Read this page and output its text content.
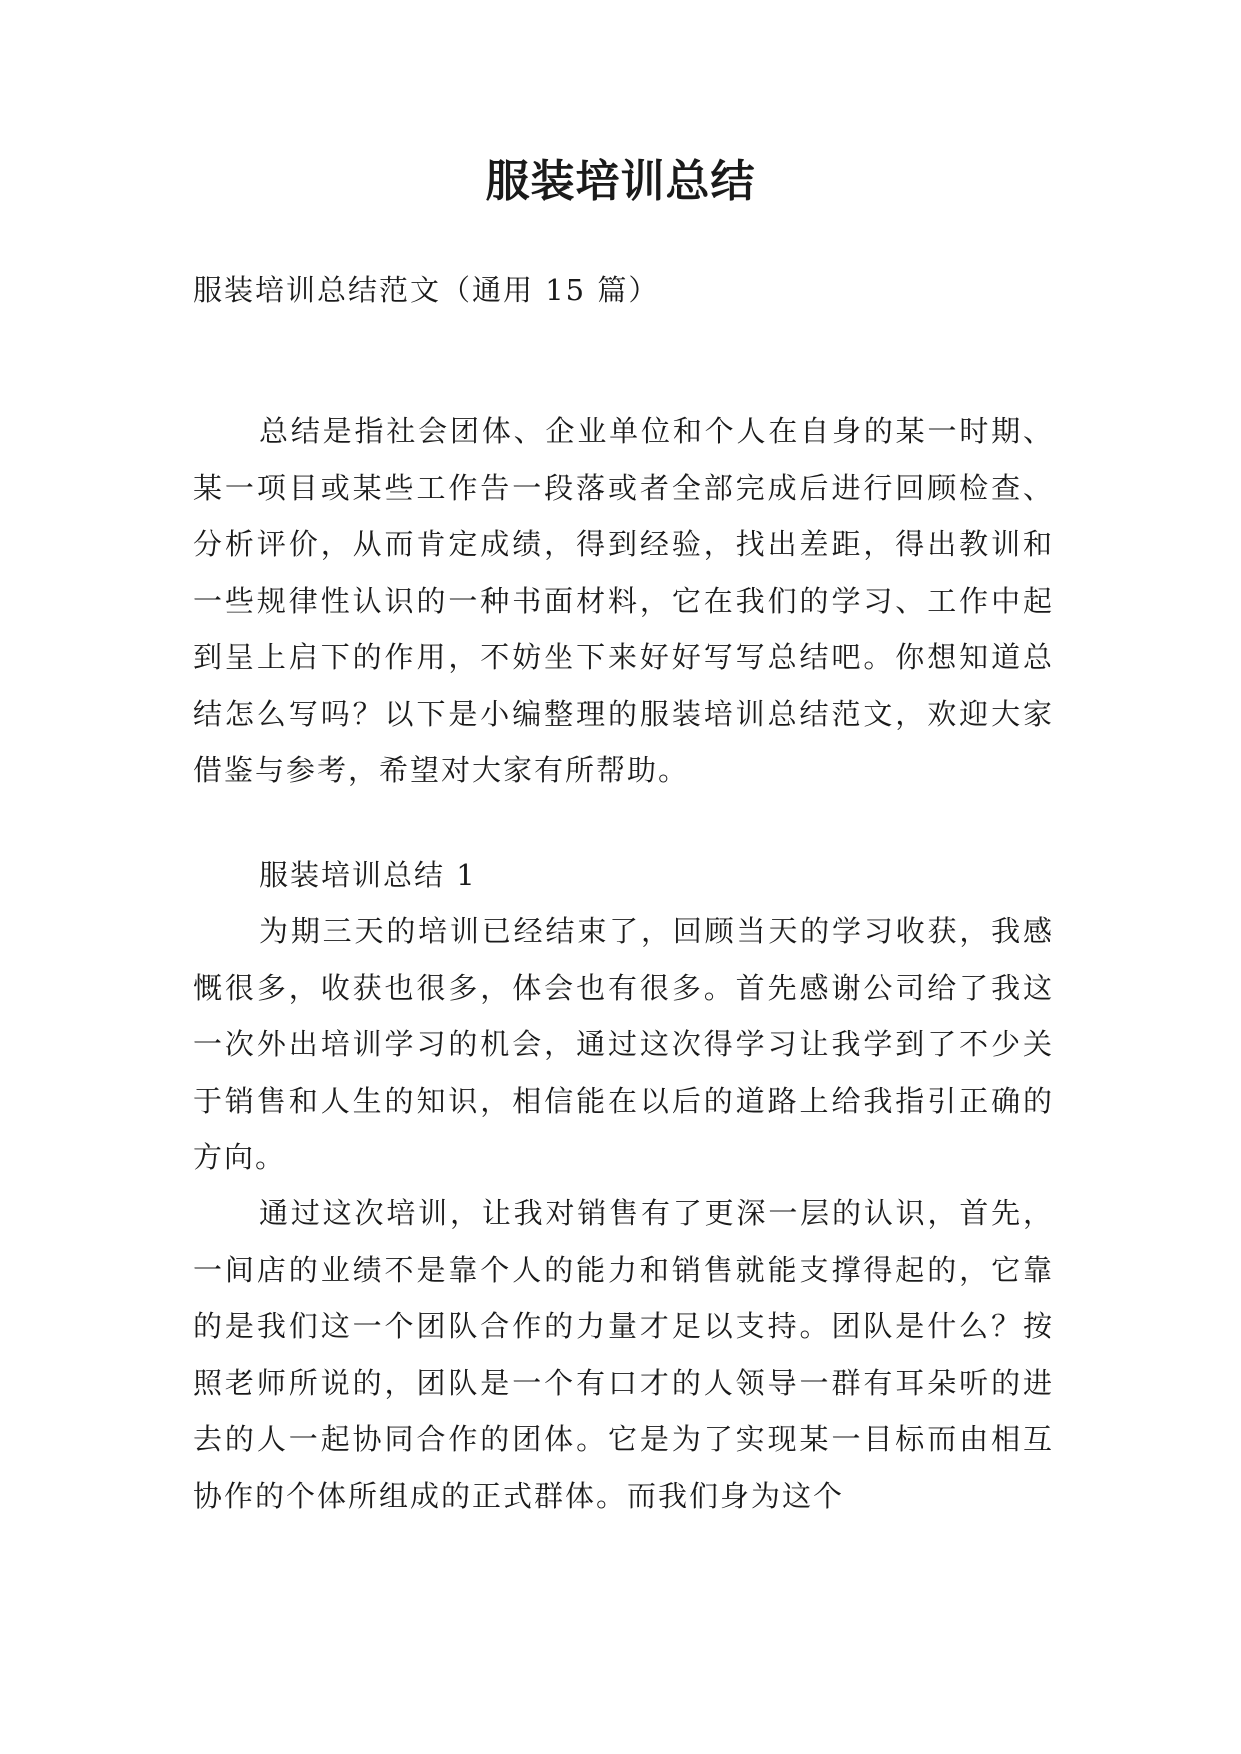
服装培训总结
服装培训总结范文（通用 15 篇）

总结是指社会团体、企业单位和个人在自身的某一时期、某一项目或某些工作告一段落或者全部完成后进行回顾检查、分析评价，从而肯定成绩，得到经验，找出差距，得出教训和一些规律性认识的一种书面材料，它在我们的学习、工作中起到呈上启下的作用，不妨坐下来好好写写总结吧。你想知道总结怎么写吗？以下是小编整理的服装培训总结范文，欢迎大家借鉴与参考，希望对大家有所帮助。

服装培训总结 1

为期三天的培训已经结束了，回顾当天的学习收获，我感慨很多，收获也很多，体会也有很多。首先感谢公司给了我这一次外出培训学习的机会，通过这次得学习让我学到了不少关于销售和人生的知识，相信能在以后的道路上给我指引正确的方向。

通过这次培训，让我对销售有了更深一层的认识，首先，一间店的业绩不是靠个人的能力和销售就能支撑得起的，它靠的是我们这一个团队合作的力量才足以支持。团队是什么？按照老师所说的，团队是一个有口才的人领导一群有耳朵听的进去的人一起协同合作的团体。它是为了实现某一目标而由相互协作的个体所组成的正式群体。而我们身为这个
